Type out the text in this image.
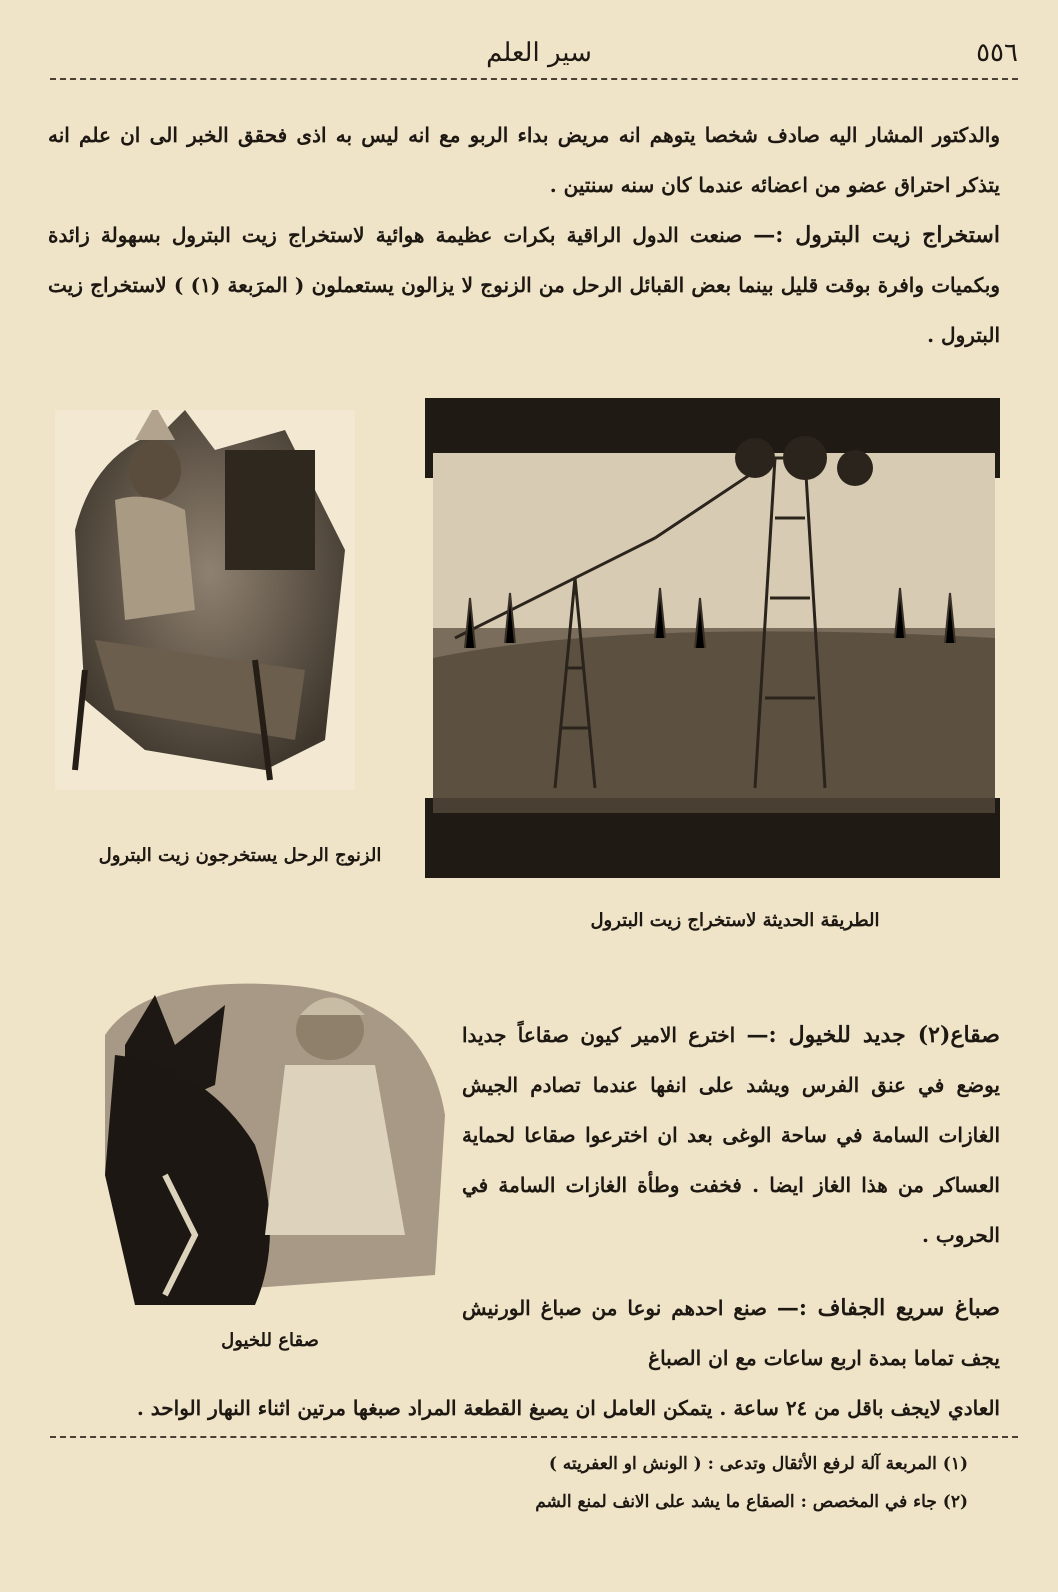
٥٥٦
سير العلم
والدكتور المشار اليه صادف شخصا يتوهم انه مريض بداء الربو مع انه ليس به اذى فحقق الخبر الى ان علم انه يتذكر احتراق عضو من اعضائه عندما كان سنه سنتين .
استخراج زيت البترول :— صنعت الدول الراقية بكرات عظيمة هوائية لاستخراج زيت البترول بسهولة زائدة وبكميات وافرة بوقت قليل بينما بعض القبائل الرحل من الزنوج لا يزالون يستعملون ( المرَبعة (١) ) لاستخراج زيت البترول .
الزنوج الرحل يستخرجون زيت البترول
الطريقة الحديثة لاستخراج زيت البترول
صقاع للخيول
صقاع(٢) جديد للخيول :— اخترع الامير كيون صقاعاً جديدا يوضع في عنق الفرس ويشد على انفها عندما تصادم الجيش الغازات السامة في ساحة الوغى بعد ان اخترعوا صقاعا لحماية العساكر من هذا الغاز ايضا . فخفت وطأة الغازات السامة في الحروب .
صباغ سريع الجفاف :— صنع احدهم نوعا من صباغ الورنيش يجف تماما بمدة اربع ساعات مع ان الصباغ
العادي لايجف باقل من ٢٤ ساعة . يتمكن العامل ان يصبغ القطعة المراد صبغها مرتين اثناء النهار الواحد .
(١) المربعة آلة لرفع الأثقال وتدعى : ( الونش او العفريته )
(٢) جاء في المخصص : الصقاع ما يشد على الانف لمنع الشم
